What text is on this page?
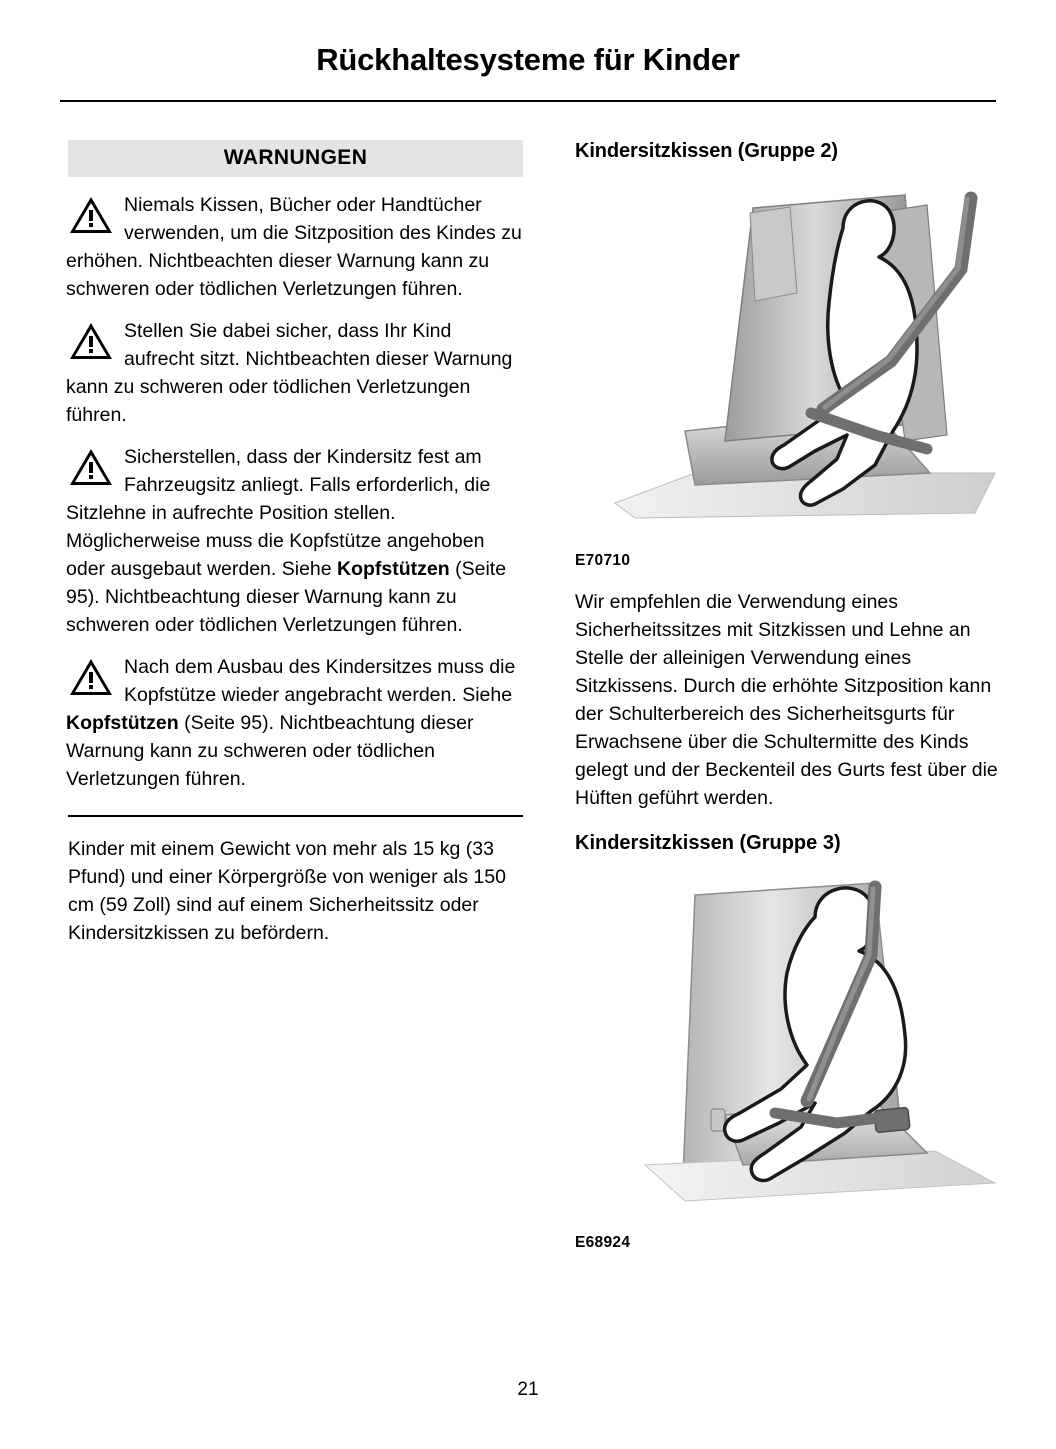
Rückhaltesysteme für Kinder
WARNUNGEN

Niemals Kissen, Bücher oder Handtücher verwenden, um die Sitzposition des Kindes zu erhöhen. Nichtbeachten dieser Warnung kann zu schweren oder tödlichen Verletzungen führen.

Stellen Sie dabei sicher, dass Ihr Kind aufrecht sitzt. Nichtbeachten dieser Warnung kann zu schweren oder tödlichen Verletzungen führen.

Sicherstellen, dass der Kindersitz fest am Fahrzeugsitz anliegt. Falls erforderlich, die Sitzlehne in aufrechte Position stellen. Möglicherweise muss die Kopfstütze angehoben oder ausgebaut werden. Siehe Kopfstützen (Seite 95). Nichtbeachtung dieser Warnung kann zu schweren oder tödlichen Verletzungen führen.

Nach dem Ausbau des Kindersitzes muss die Kopfstütze wieder angebracht werden. Siehe Kopfstützen (Seite 95). Nichtbeachtung dieser Warnung kann zu schweren oder tödlichen Verletzungen führen.

Kinder mit einem Gewicht von mehr als 15 kg (33 Pfund) und einer Körpergröße von weniger als 150 cm (59 Zoll) sind auf einem Sicherheitssitz oder Kindersitzkissen zu befördern.

Kindersitzkissen (Gruppe 2)

E70710

Wir empfehlen die Verwendung eines Sicherheitssitzes mit Sitzkissen und Lehne an Stelle der alleinigen Verwendung eines Sitzkissens. Durch die erhöhte Sitzposition kann der Schulterbereich des Sicherheitsgurts für Erwachsene über die Schultermitte des Kinds gelegt und der Beckenteil des Gurts fest über die Hüften geführt werden.

Kindersitzkissen (Gruppe 3)

E68924
21
